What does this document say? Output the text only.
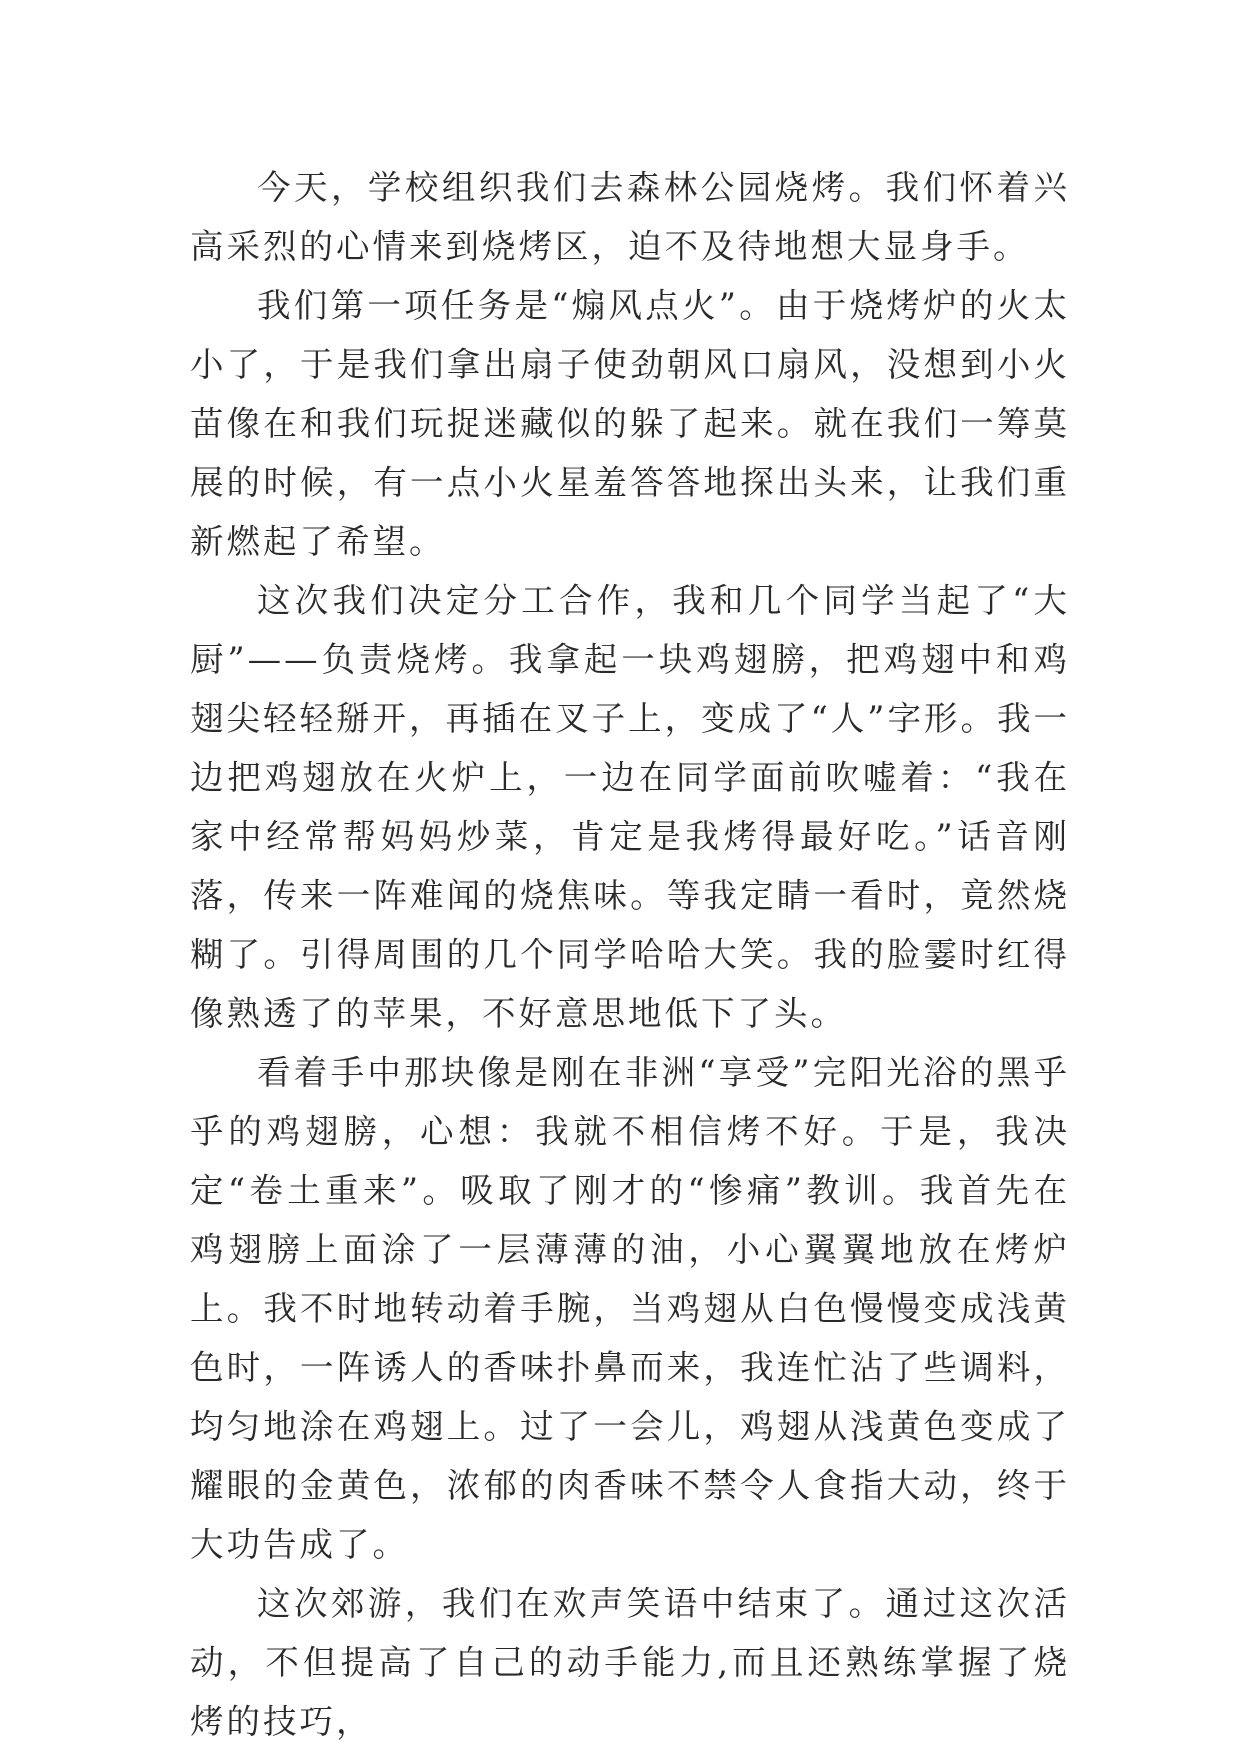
今天，学校组织我们去森林公园烧烤。我们怀着兴高采烈的心情来到烧烤区，迫不及待地想大显身手。

我们第一项任务是“煽风点火”。由于烧烤炉的火太小了，于是我们拿出扇子使劲朝风口扇风，没想到小火苗像在和我们玩捉迷藏似的躲了起来。就在我们一筹莫展的时候，有一点小火星羞答答地探出头来，让我们重新燃起了希望。

这次我们决定分工合作，我和几个同学当起了“大厨”——负责烧烤。我拿起一块鸡翅膀，把鸡翅中和鸡翅尖轻轻掰开，再插在叉子上，变成了“人”字形。我一边把鸡翅放在火炉上，一边在同学面前吹嘘着：“我在家中经常帮妈妈炒菜，肯定是我烤得最好吃。”话音刚落，传来一阵难闻的烧焦味。等我定睛一看时，竟然烧糊了。引得周围的几个同学哈哈大笑。我的脸霎时红得像熟透了的苹果，不好意思地低下了头。

看着手中那块像是刚在非洲“享受”完阳光浴的黑乎乎的鸡翅膀，心想：我就不相信烤不好。于是，我决定“卷土重来”。吸取了刚才的“惨痛”教训。我首先在鸡翅膀上面涂了一层薄薄的油，小心翼翼地放在烤炉上。我不时地转动着手腕，当鸡翅从白色慢慢变成浅黄色时，一阵诱人的香味扑鼻而来，我连忙沾了些调料，均匀地涂在鸡翅上。过了一会儿，鸡翅从浅黄色变成了耀眼的金黄色，浓郁的肉香味不禁令人食指大动，终于大功告成了。

这次郊游，我们在欢声笑语中结束了。通过这次活动，不但提高了自己的动手能力,而且还熟练掌握了烧烤的技巧，
